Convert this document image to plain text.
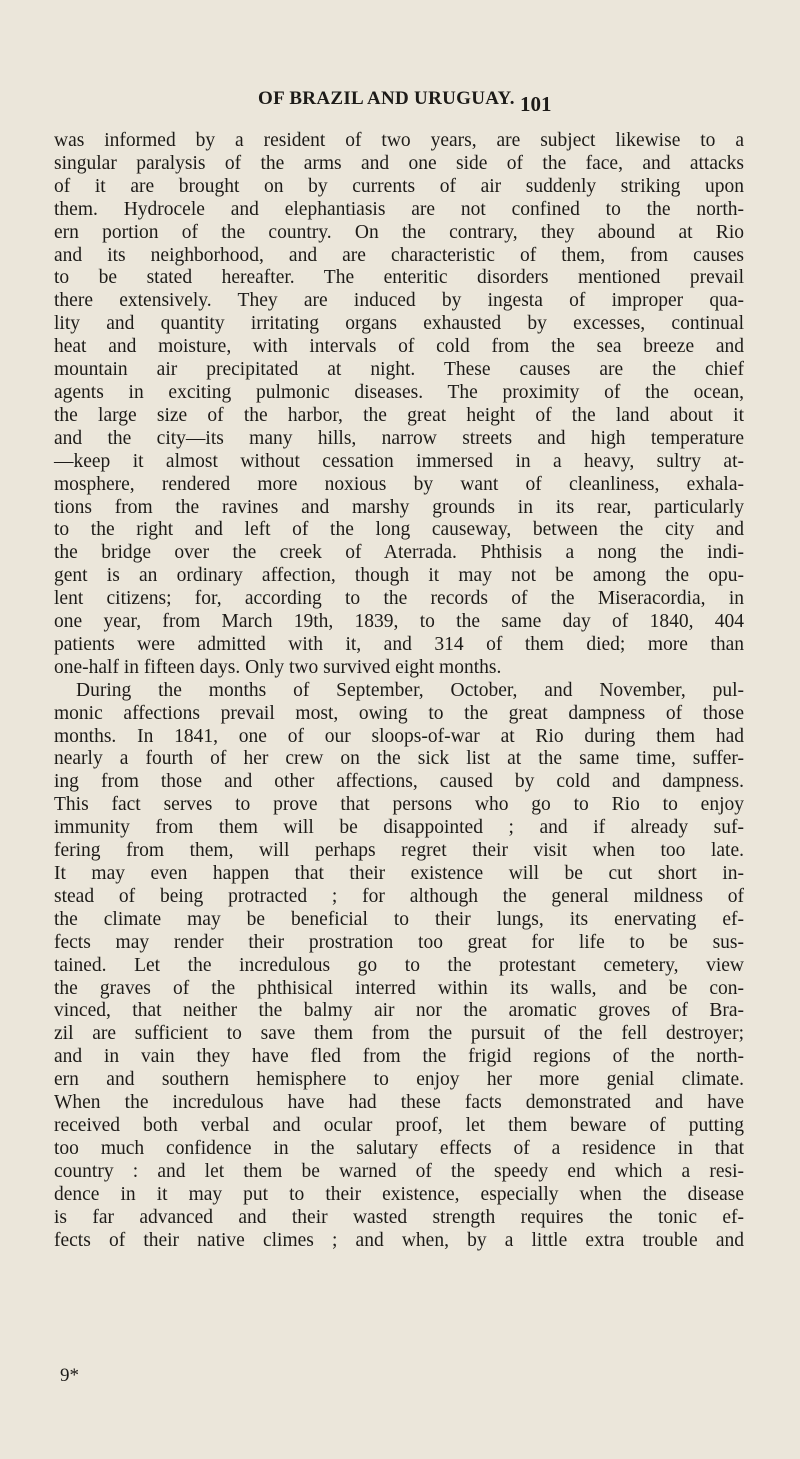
OF BRAZIL AND URUGUAY. 101
was informed by a resident of two years, are subject likewise to a
singular paralysis of the arms and one side of the face, and attacks
of it are brought on by currents of air suddenly striking upon
them. Hydrocele and elephantiasis are not confined to the north-
ern portion of the country. On the contrary, they abound at Rio
and its neighborhood, and are characteristic of them, from causes
to be stated hereafter. The enteritic disorders mentioned prevail
there extensively. They are induced by ingesta of improper qua-
lity and quantity irritating organs exhausted by excesses, continual
heat and moisture, with intervals of cold from the sea breeze and
mountain air precipitated at night. These causes are the chief
agents in exciting pulmonic diseases. The proximity of the ocean,
the large size of the harbor, the great height of the land about it
and the city—its many hills, narrow streets and high temperature
—keep it almost without cessation immersed in a heavy, sultry at-
mosphere, rendered more noxious by want of cleanliness, exhala-
tions from the ravines and marshy grounds in its rear, particularly
to the right and left of the long causeway, between the city and
the bridge over the creek of Aterrada. Phthisis a nong the indi-
gent is an ordinary affection, though it may not be among the opu-
lent citizens; for, according to the records of the Miseracordia, in
one year, from March 19th, 1839, to the same day of 1840, 404
patients were admitted with it, and 314 of them died; more than
one-half in fifteen days. Only two survived eight months.
During the months of September, October, and November, pul-
monic affections prevail most, owing to the great dampness of those
months. In 1841, one of our sloops-of-war at Rio during them had
nearly a fourth of her crew on the sick list at the same time, suffer-
ing from those and other affections, caused by cold and dampness.
This fact serves to prove that persons who go to Rio to enjoy
immunity from them will be disappointed ; and if already suf-
fering from them, will perhaps regret their visit when too late.
It may even happen that their existence will be cut short in-
stead of being protracted ; for although the general mildness of
the climate may be beneficial to their lungs, its enervating ef-
fects may render their prostration too great for life to be sus-
tained. Let the incredulous go to the protestant cemetery, view
the graves of the phthisical interred within its walls, and be con-
vinced, that neither the balmy air nor the aromatic groves of Bra-
zil are sufficient to save them from the pursuit of the fell destroyer;
and in vain they have fled from the frigid regions of the north-
ern and southern hemisphere to enjoy her more genial climate.
When the incredulous have had these facts demonstrated and have
received both verbal and ocular proof, let them beware of putting
too much confidence in the salutary effects of a residence in that
country : and let them be warned of the speedy end which a resi-
dence in it may put to their existence, especially when the disease
is far advanced and their wasted strength requires the tonic ef-
fects of their native climes ; and when, by a little extra trouble and
9*
